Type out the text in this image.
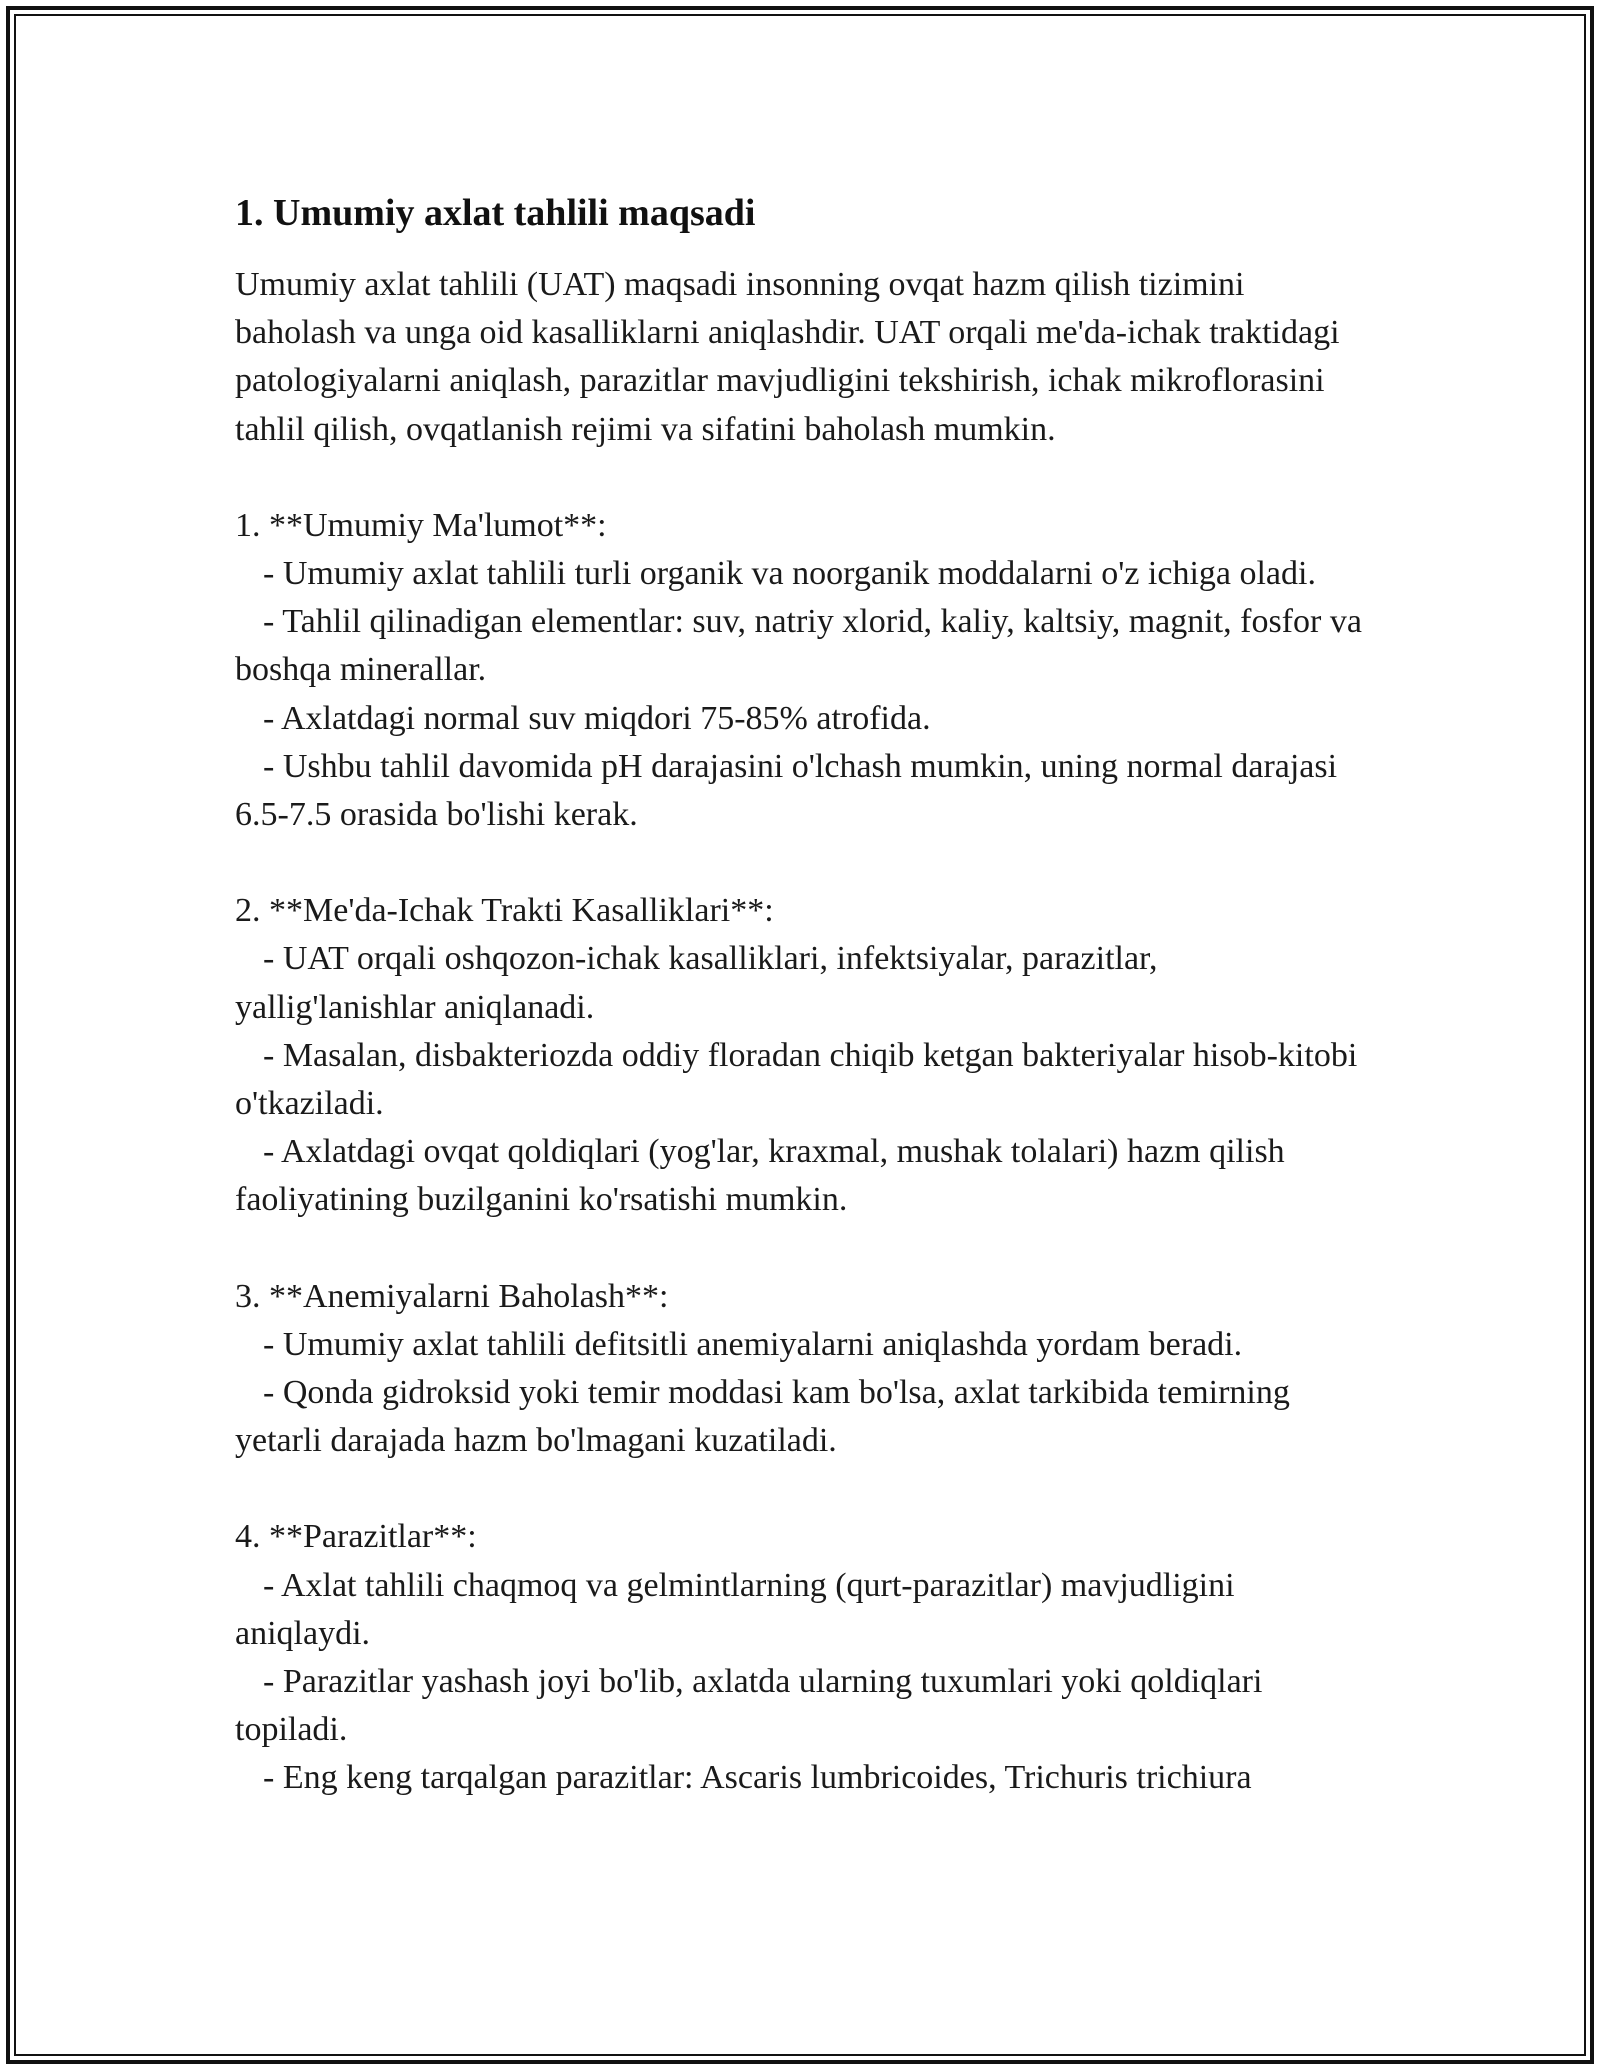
1. Umumiy axlat tahlili maqsadi

Umumiy axlat tahlili (UAT) maqsadi insonning ovqat hazm qilish tizimini baholash va unga oid kasalliklarni aniqlashdir. UAT orqali me'da-ichak traktidagi patologiyalarni aniqlash, parazitlar mavjudligini tekshirish, ichak mikroflorasini tahlil qilish, ovqatlanish rejimi va sifatini baholash mumkin.

1. **Umumiy Ma'lumot**:

- Umumiy axlat tahlili turli organik va noorganik moddalarni o'z ichiga oladi.

- Tahlil qilinadigan elementlar: suv, natriy xlorid, kaliy, kaltsiy, magnit, fosfor va boshqa minerallar.

- Axlatdagi normal suv miqdori 75-85% atrofida.

- Ushbu tahlil davomida pH darajasini o'lchash mumkin, uning normal darajasi 6.5-7.5 orasida bo'lishi kerak.

2. **Me'da-Ichak Trakti Kasalliklari**:

- UAT orqali oshqozon-ichak kasalliklari, infektsiyalar, parazitlar, yallig'lanishlar aniqlanadi.

- Masalan, disbakteriozda oddiy floradan chiqib ketgan bakteriyalar hisob-kitobi o'tkaziladi.

- Axlatdagi ovqat qoldiqlari (yog'lar, kraxmal, mushak tolalari) hazm qilish faoliyatining buzilganini ko'rsatishi mumkin.

3. **Anemiyalarni Baholash**:

- Umumiy axlat tahlili defitsitli anemiyalarni aniqlashda yordam beradi.

- Qonda gidroksid yoki temir moddasi kam bo'lsa, axlat tarkibida temirning yetarli darajada hazm bo'lmagani kuzatiladi.

4. **Parazitlar**:

- Axlat tahlili chaqmoq va gelmintlarning (qurt-parazitlar) mavjudligini aniqlaydi.

- Parazitlar yashash joyi bo'lib, axlatda ularning tuxumlari yoki qoldiqlari topiladi.

- Eng keng tarqalgan parazitlar: Ascaris lumbricoides, Trichuris trichiura
